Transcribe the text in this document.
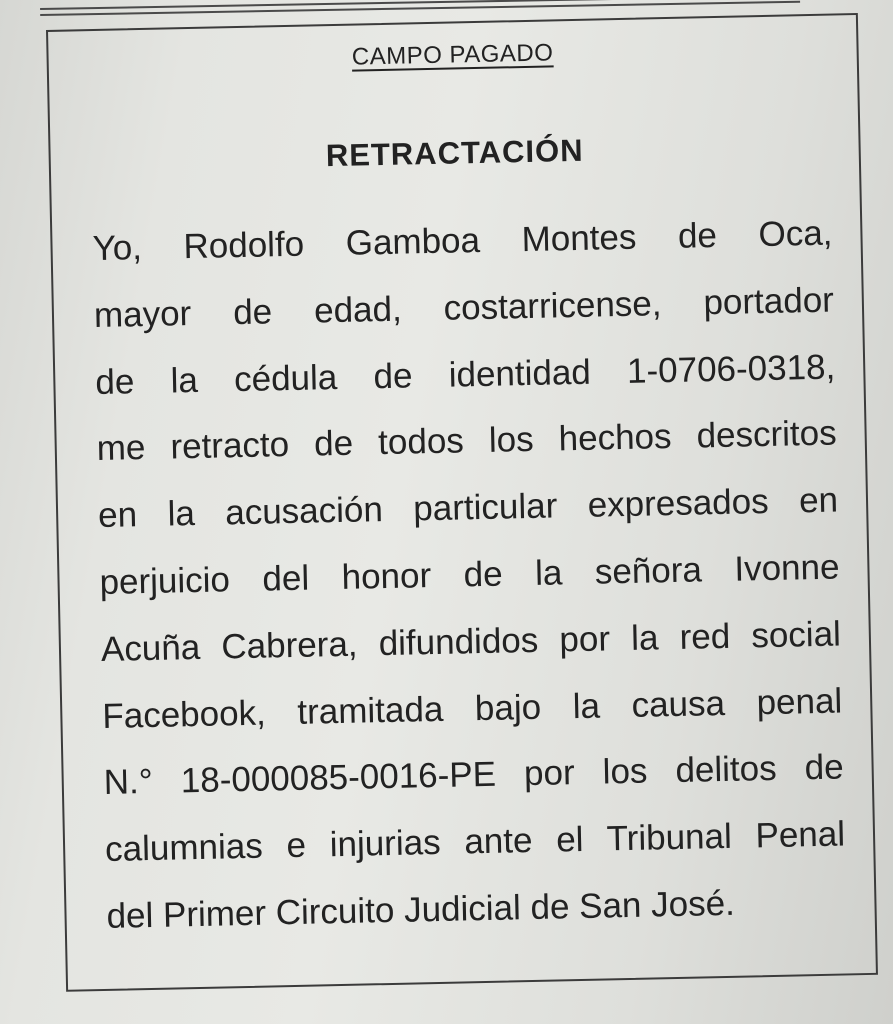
CAMPO PAGADO
RETRACTACIÓN
Yo, Rodolfo Gamboa Montes de Oca,
mayor de edad, costarricense, portador
de la cédula de identidad 1-0706-0318,
me retracto de todos los hechos descritos
en la acusación particular expresados en
perjuicio del honor de la señora Ivonne
Acuña Cabrera, difundidos por la red social
Facebook, tramitada bajo la causa penal
N.° 18-000085-0016-PE por los delitos de
calumnias e injurias ante el Tribunal Penal
del Primer Circuito Judicial de San José.
